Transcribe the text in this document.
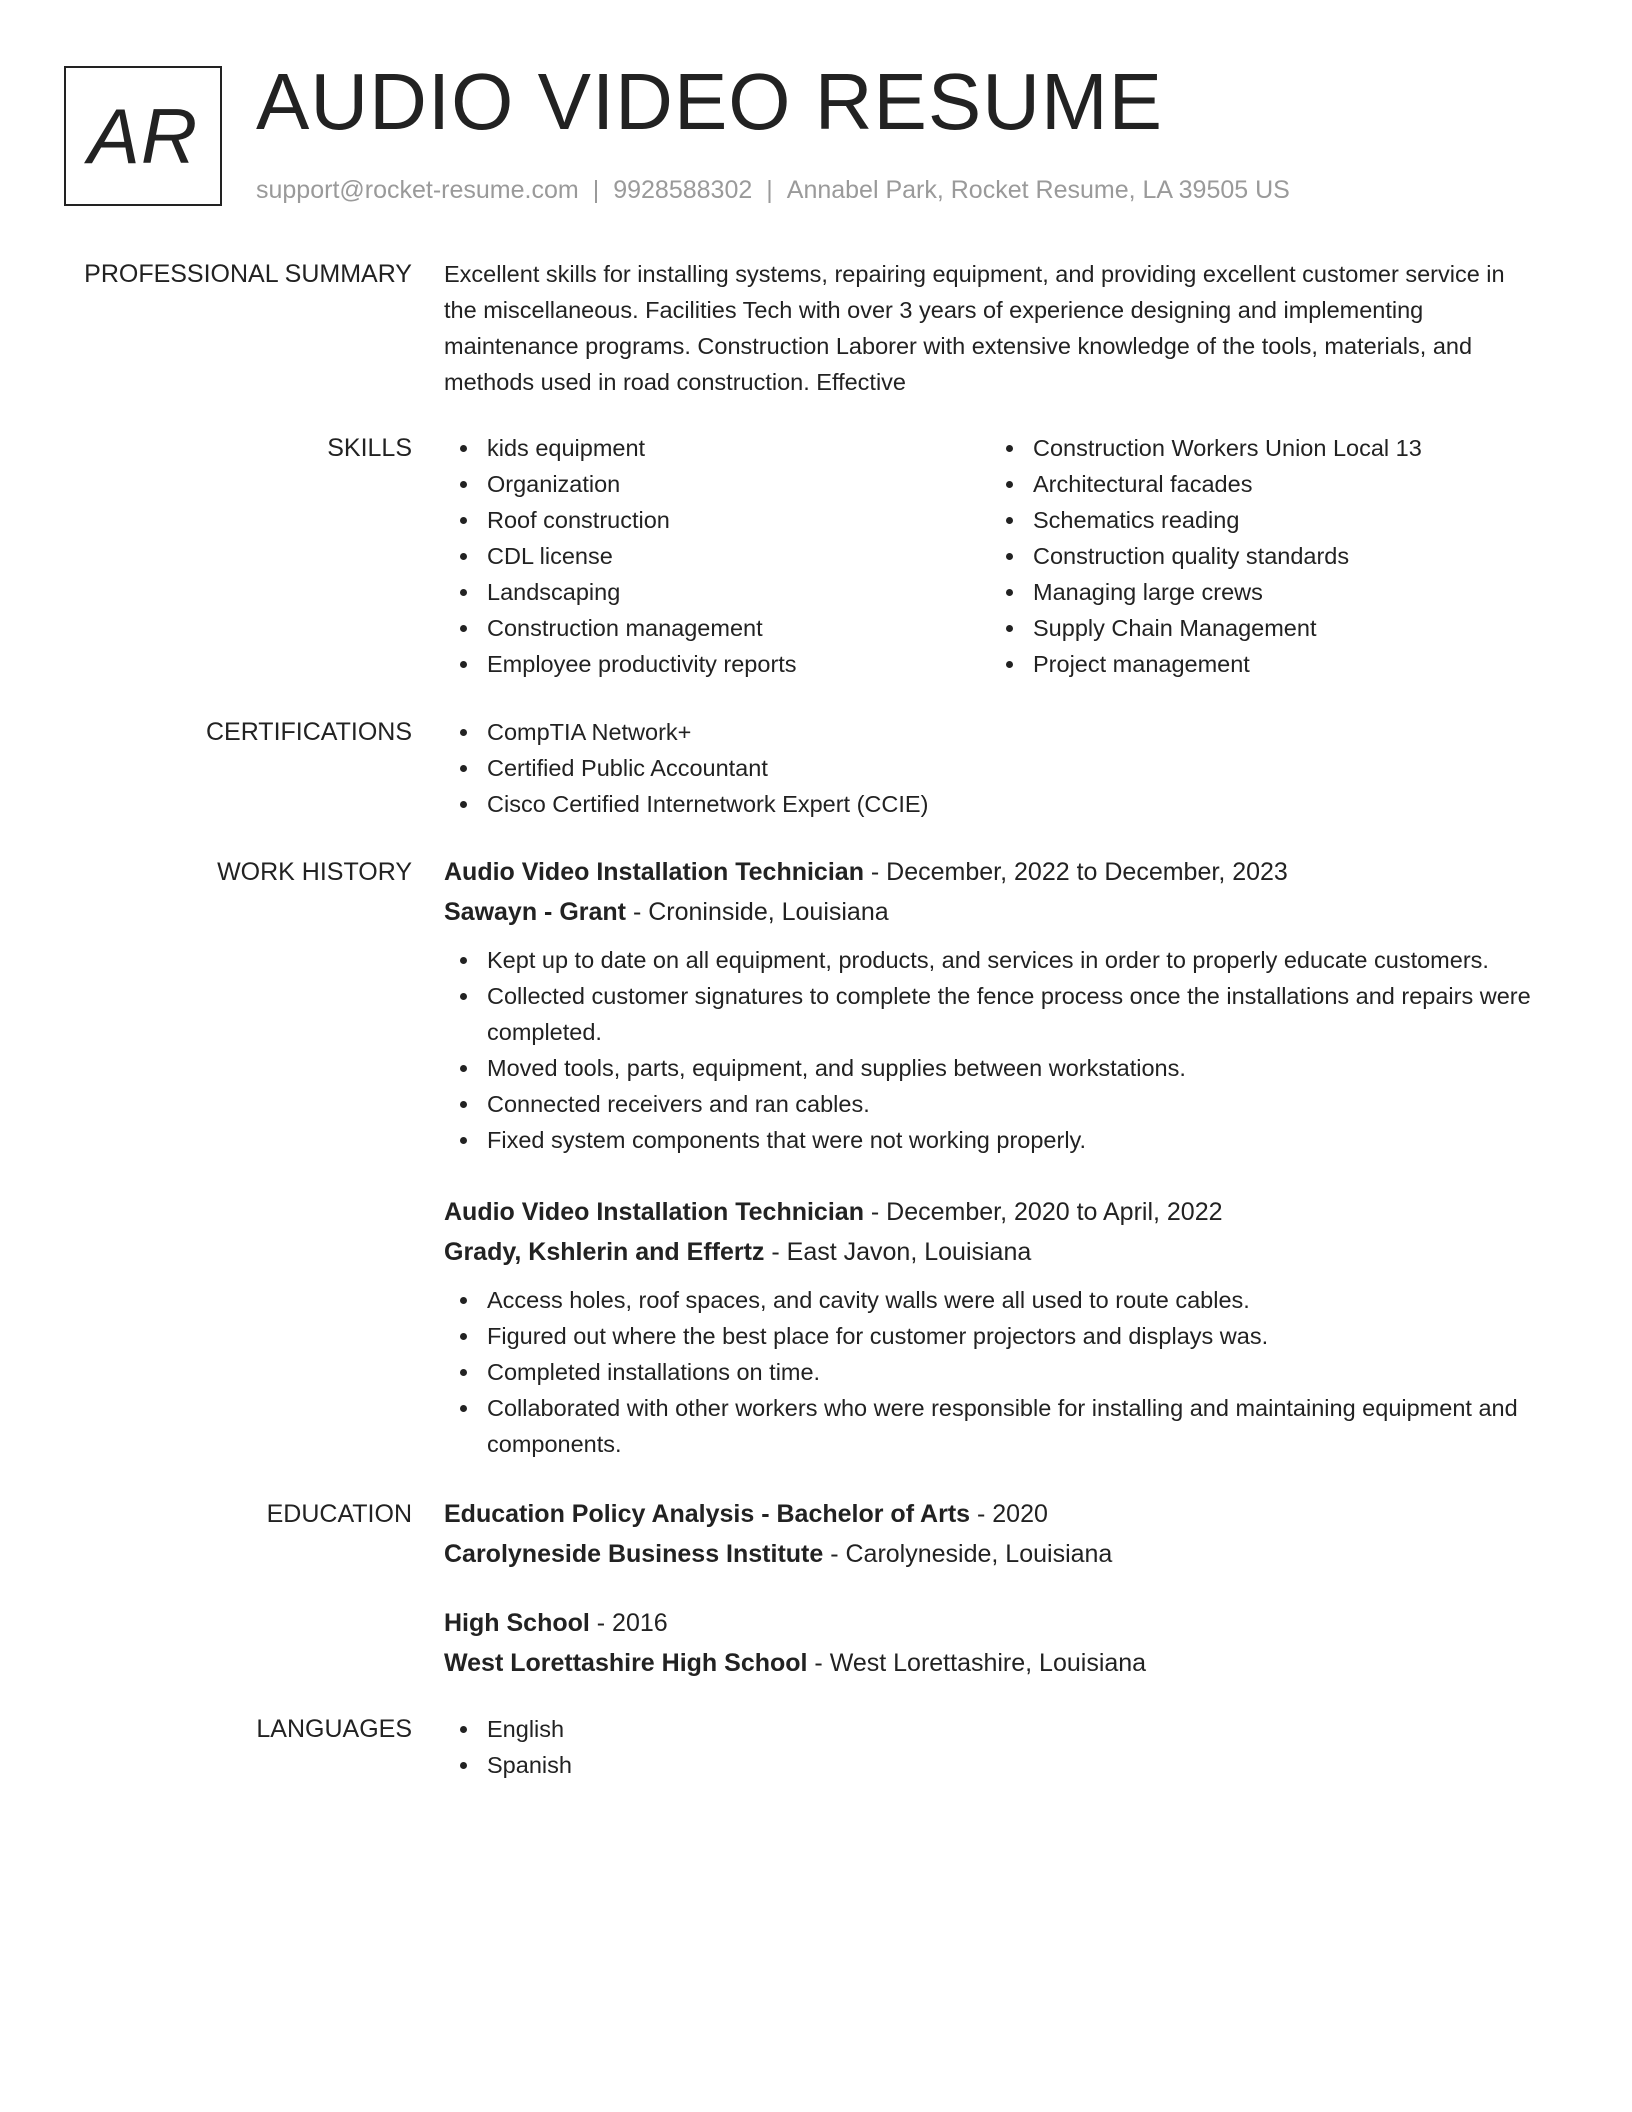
AR AUDIO VIDEO RESUME
support@rocket-resume.com | 9928588302 | Annabel Park, Rocket Resume, LA 39505 US
PROFESSIONAL SUMMARY Excellent skills for installing systems, repairing equipment, and providing excellent customer service in the miscellaneous. Facilities Tech with over 3 years of experience designing and implementing maintenance programs. Construction Laborer with extensive knowledge of the tools, materials, and methods used in road construction. Effective

SKILLS	kids equipment
Organization
Roof construction
CDL license
Landscaping
Construction management
Employee productivity reports
Construction Workers Union Local 13
Architectural facades
Schematics reading
Construction quality standards
Managing large crews
Supply Chain Management
Project management
CERTIFICATIONS	CompTIA Network+
Certified Public Accountant
Cisco Certified Internetwork Expert (CCIE)
WORK HISTORY Audio Video Installation Technician - December, 2022 to December, 2023
Sawayn - Grant - Croninside, Louisiana
Kept up to date on all equipment, products, and services in order to properly educate customers.
Collected customer signatures to complete the fence process once the installations and repairs were completed.
Moved tools, parts, equipment, and supplies between workstations.
Connected receivers and ran cables.
Fixed system components that were not working properly.
Audio Video Installation Technician - December, 2020 to April, 2022
Grady, Kshlerin and Effertz - East Javon, Louisiana
Access holes, roof spaces, and cavity walls were all used to route cables.
Figured out where the best place for customer projectors and displays was.
Completed installations on time.
Collaborated with other workers who were responsible for installing and maintaining equipment and components.
EDUCATION Education Policy Analysis - Bachelor of Arts - 2020
Carolyneside Business Institute - Carolyneside, Louisiana
High School - 2016
West Lorettashire High School - West Lorettashire, Louisiana
LANGUAGES	English
Spanish
